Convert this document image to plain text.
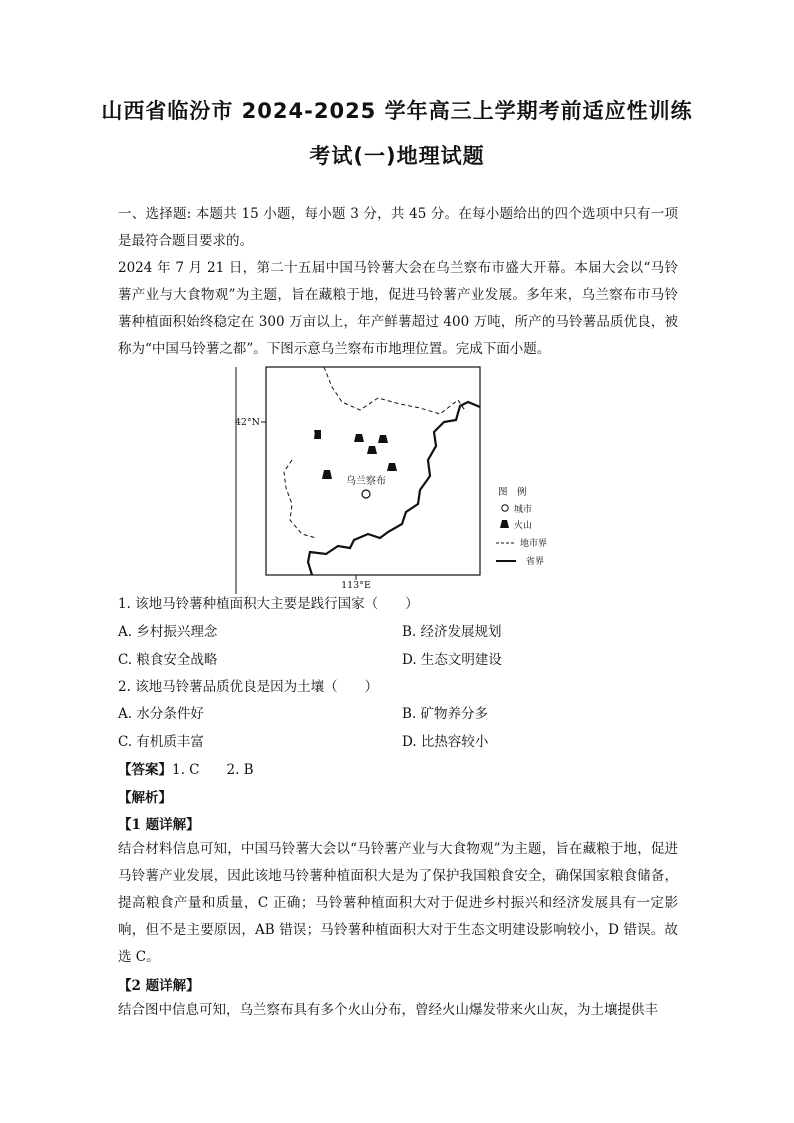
山西省临汾市 2024-2025 学年高三上学期考前适应性训练
考试(一)地理试题
一、选择题: 本题共 15 小题，每小题 3 分，共 45 分。在每小题给出的四个选项中只有一项是最符合题目要求的。
2024 年 7 月 21 日，第二十五届中国马铃薯大会在乌兰察布市盛大开幕。本届大会以“马铃薯产业与大食物观”为主题，旨在藏粮于地，促进马铃薯产业发展。多年来，乌兰察布市马铃薯种植面积始终稳定在 300 万亩以上，年产鲜薯超过 400 万吨，所产的马铃薯品质优良，被称为“中国马铃薯之都”。下图示意乌兰察布市地理位置。完成下面小题。
乌兰察布
42°N
113°E
图　例
城市
火山
地市界
省界
1. 该地马铃薯种植面积大主要是践行国家（　　）
A. 乡村振兴理念	B. 经济发展规划
C. 粮食安全战略	D. 生态文明建设
2. 该地马铃薯品质优良是因为土壤（　　）
A. 水分条件好	B. 矿物养分多
C. 有机质丰富	D. 比热容较小
【答案】1. C　　2. B
【解析】
【1 题详解】
结合材料信息可知，中国马铃薯大会以“马铃薯产业与大食物观”为主题，旨在藏粮于地，促进马铃薯产业发展，因此该地马铃薯种植面积大是为了保护我国粮食安全，确保国家粮食储备，提高粮食产量和质量，C 正确；马铃薯种植面积大对于促进乡村振兴和经济发展具有一定影响，但不是主要原因，AB 错误；马铃薯种植面积大对于生态文明建设影响较小，D 错误。故选 C。
【2 题详解】
结合图中信息可知，乌兰察布具有多个火山分布，曾经火山爆发带来火山灰，为土壤提供丰
